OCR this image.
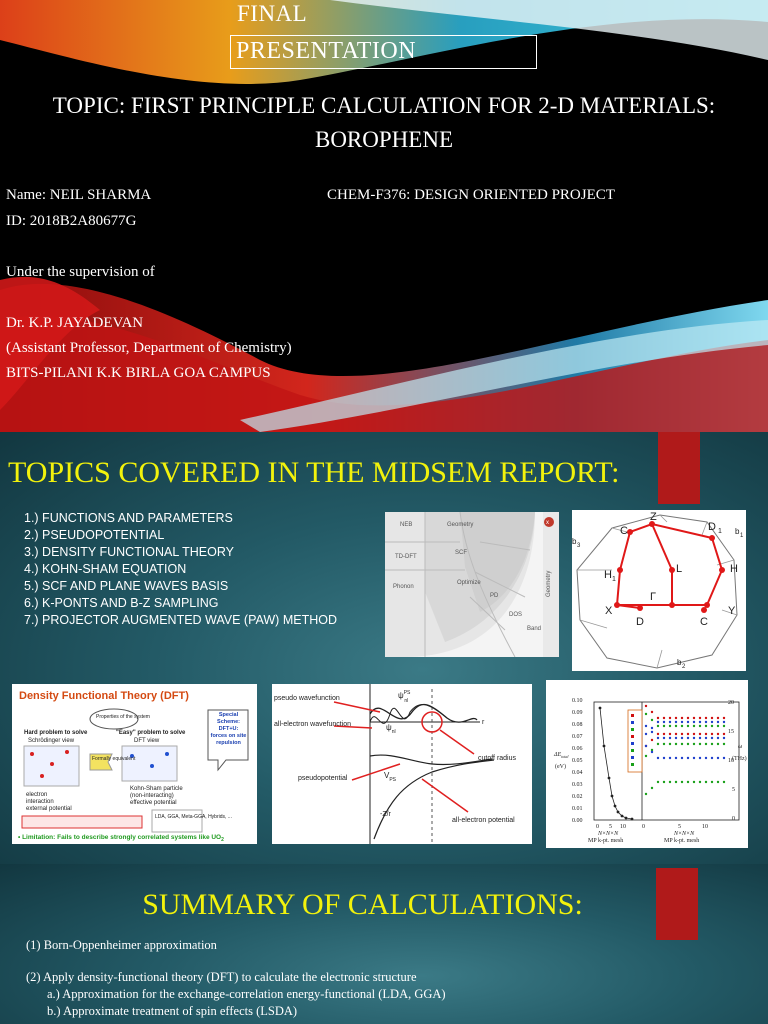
FINAL
PRESENTATION
TOPIC: FIRST PRINCIPLE CALCULATION FOR 2-D MATERIALS:
BOROPHENE
Name: NEIL SHARMA	CHEM-F376: DESIGN ORIENTED PROJECT
ID: 2018B2A80677G
Under the supervision of
Dr. K.P. JAYADEVAN
(Assistant Professor, Department of Chemistry)
BITS-PILANI K.K BIRLA GOA CAMPUS
TOPICS COVERED IN THE MIDSEM REPORT:
1.) FUNCTIONS AND PARAMETERS
2.) PSEUDOPOTENTIAL
3.) DENSITY FUNCTIONAL THEORY
4.) KOHN-SHAM EQUATION
5.) SCF AND PLANE WAVES BASIS
6.) K-PONTS AND B-Z SAMPLING
7.) PROJECTOR AUGMENTED WAVE (PAW) METHOD
x
NEB
TD-DFT
Phonon
Geometry
SCF
Optimize
PD
DOS
Band
Geometry
Z
C	D 1
b 3
b 1
H
H 1
L
Γ
X
D	C
Y
b 2
Density Functional Theory (DFT)
Properties of the system
Hard problem to solve	"Easy" problem to solve
Schrödinger view	DFT view
Formally equivalent
electron
interaction
external potential
Kohn-Sham particle
(non-interacting)
effective potential
LDA, GGA, Meta-GGA, Hybrids, ...
Special Scheme: DFT+U: forces on site repulsion
• Limitation: Fails to describe strongly correlated systems like $UO_2$
r
pseudo wavefunction
all-electron wavefunction
$\psi^{PS}$ nl
$\psi_{nl}$
cutoff radius
pseudopotential	$V_{PS}$
all-electron potential
-Z/r
0.10
0.09
0.08
0.07
0.06
0.05
0.04
0.03
0.02
0.01
0.00
20
15
10
5
0
0 5 10	0	5	10
$\Delta E_{total}$
(eV)
ω
(THz)
N×N×N
MP k-pt. mesh
N×N×N
MP k-pt. mesh
SUMMARY OF CALCULATIONS:
(1) Born-Oppenheimer approximation
(2) Apply density-functional theory (DFT) to calculate the electronic structure
a.) Approximation for the exchange-correlation energy-functional (LDA, GGA)
b.) Approximate treatment of spin effects (LSDA)
